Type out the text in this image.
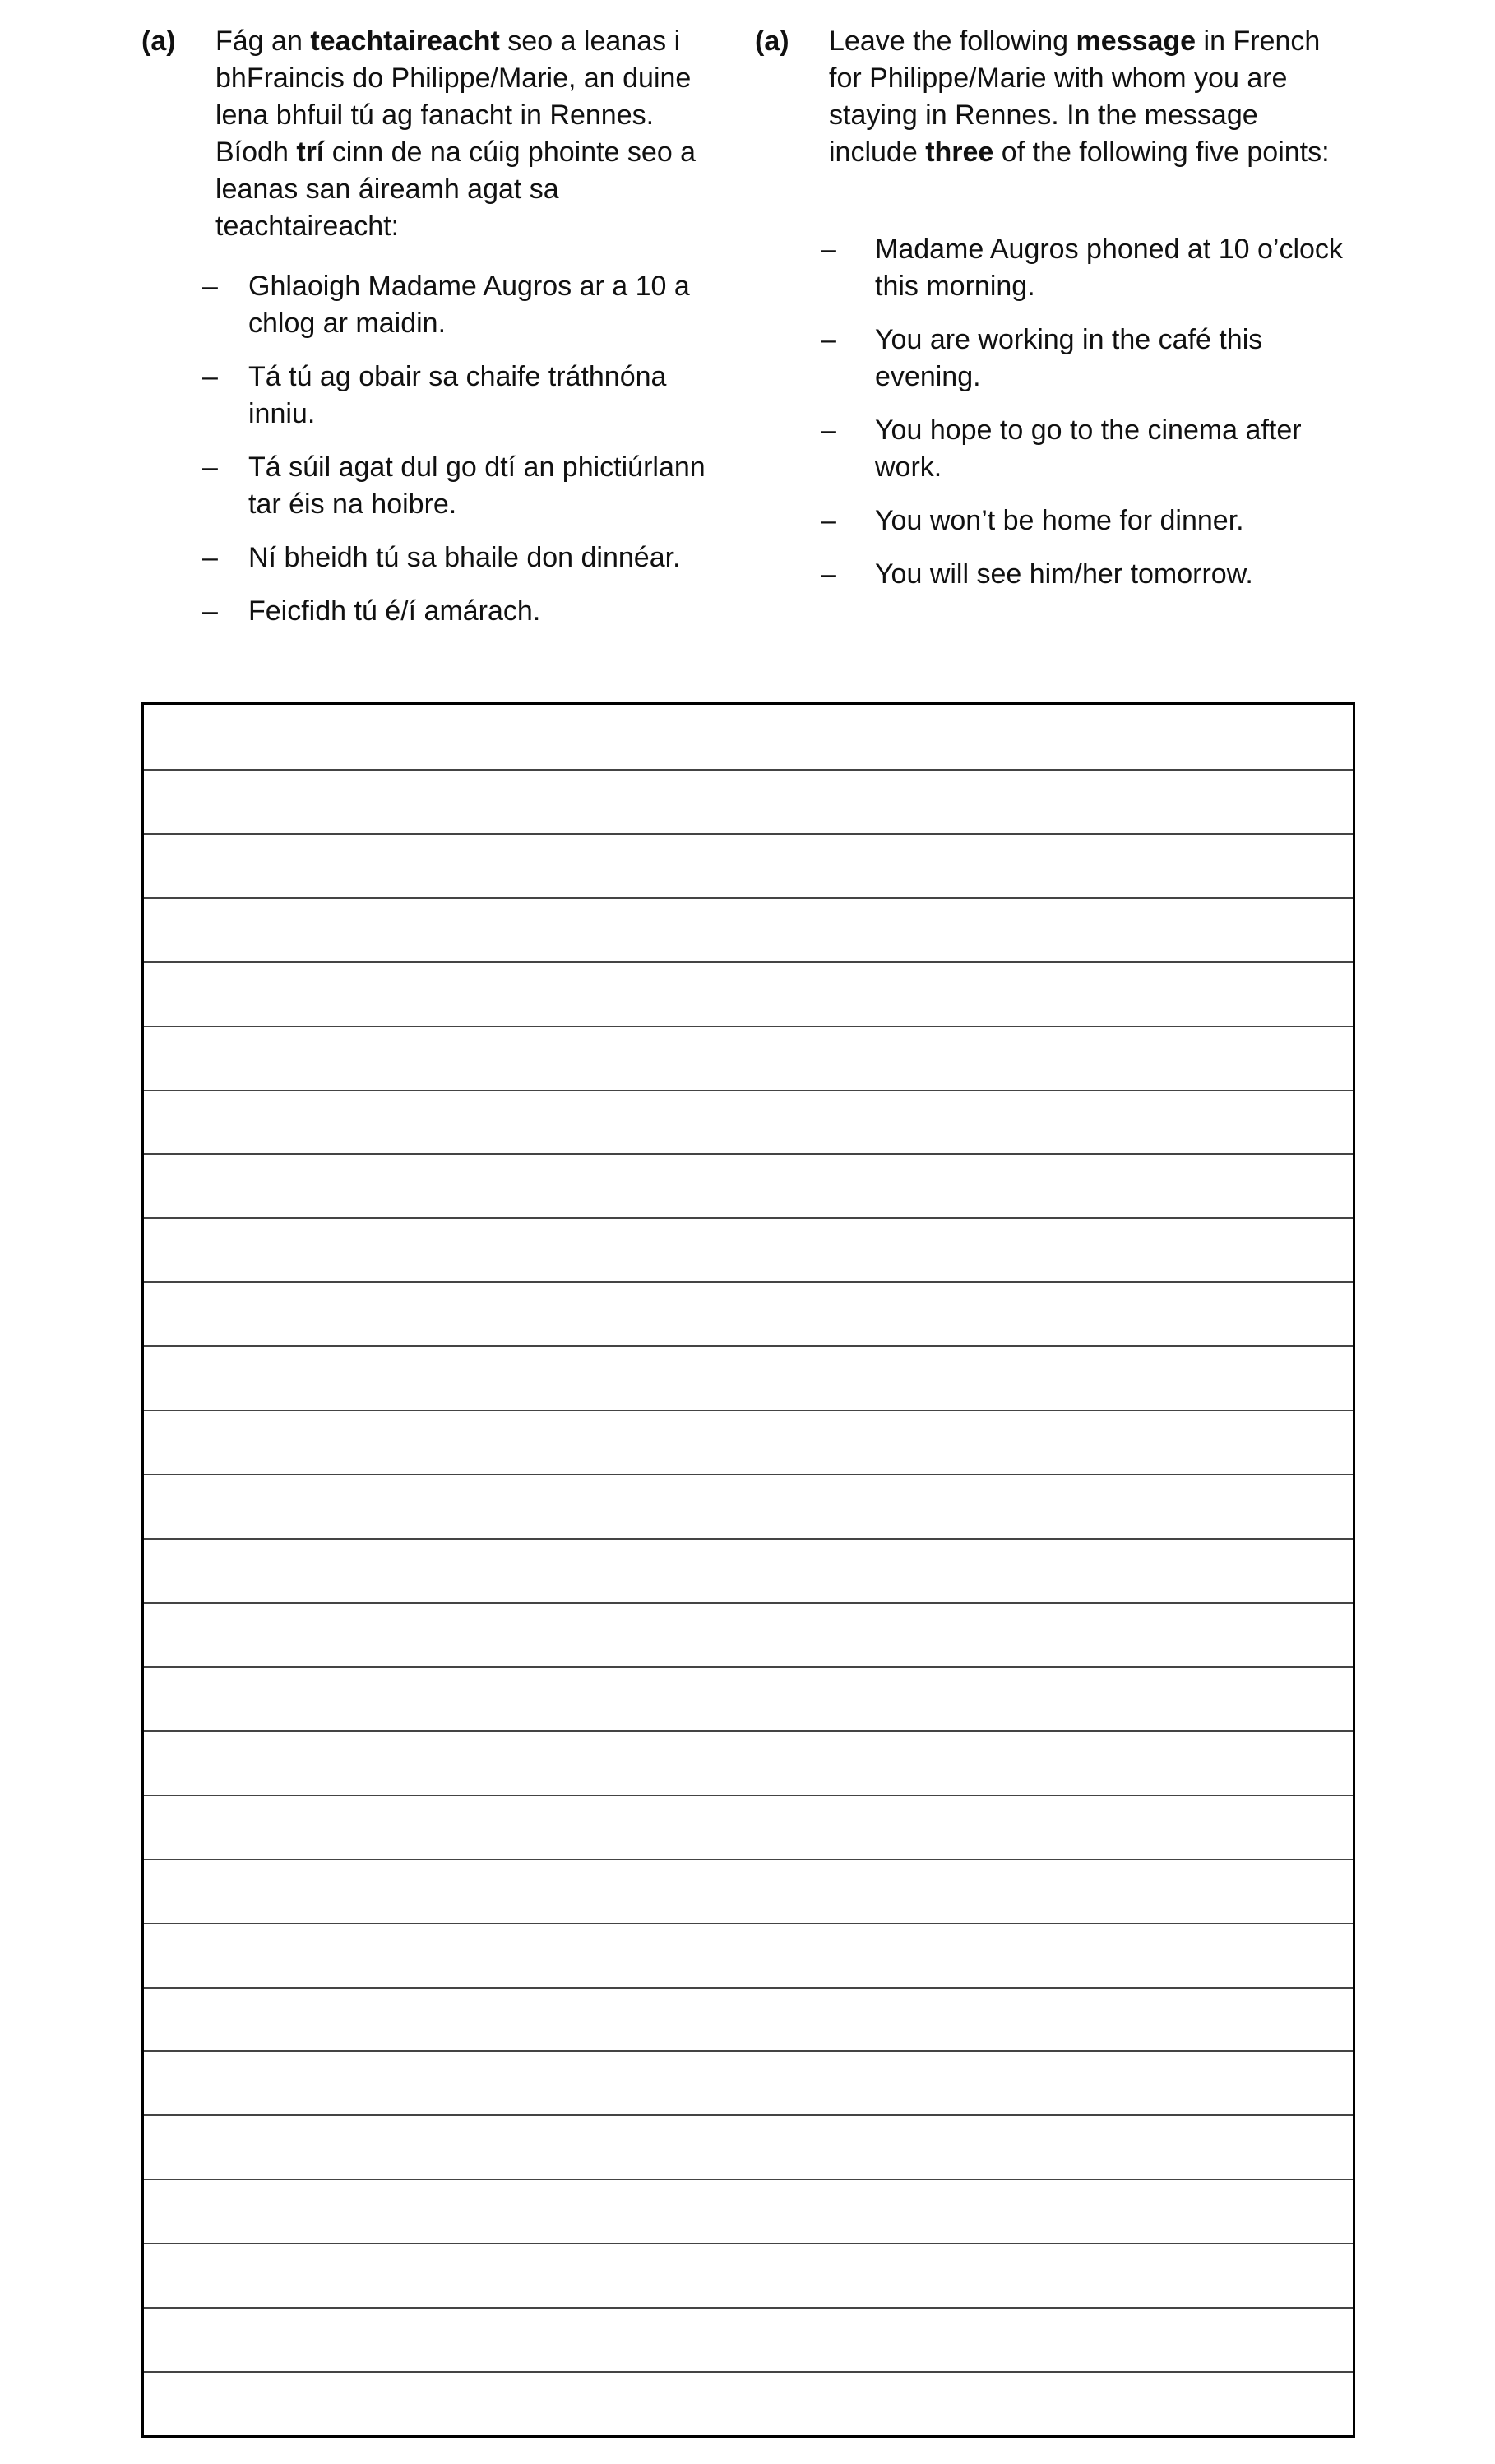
(a) Fág an teachtaireacht seo a leanas i bhFraincis do Philippe/Marie, an duine lena bhfuil tú ag fanacht in Rennes. Bíodh trí cinn de na cúig phointe seo a leanas san áireamh agat sa teachtaireacht:
– Ghlaoigh Madame Augros ar a 10 a chlog ar maidin.
– Tá tú ag obair sa chaife tráthnóna inniu.
– Tá súil agat dul go dtí an phictiúrlann tar éis na hoibre.
– Ní bheidh tú sa bhaile don dinnéar.
– Feicfidh tú é/í amárach.
(a) Leave the following message in French for Philippe/Marie with whom you are staying in Rennes. In the message include three of the following five points:
– Madame Augros phoned at 10 o’clock this morning.
– You are working in the café this evening.
– You hope to go to the cinema after work.
– You won’t be home for dinner.
– You will see him/her tomorrow.
